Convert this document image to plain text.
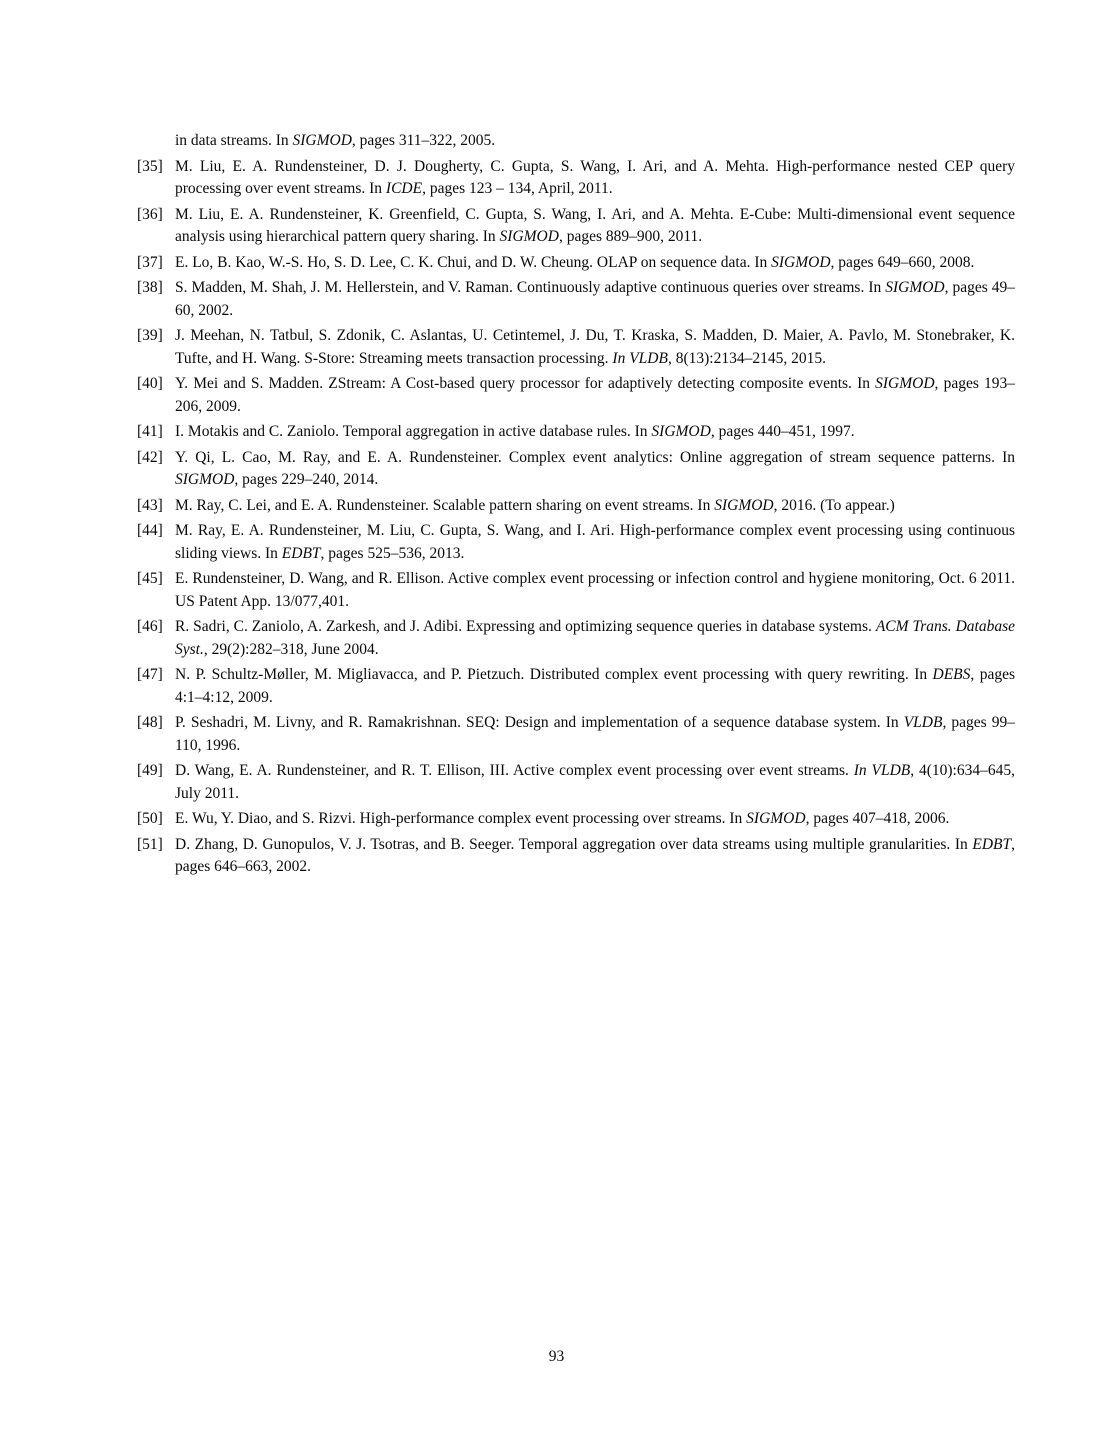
in data streams. In SIGMOD, pages 311–322, 2005.
[35] M. Liu, E. A. Rundensteiner, D. J. Dougherty, C. Gupta, S. Wang, I. Ari, and A. Mehta. High-performance nested CEP query processing over event streams. In ICDE, pages 123 – 134, April, 2011.
[36] M. Liu, E. A. Rundensteiner, K. Greenfield, C. Gupta, S. Wang, I. Ari, and A. Mehta. E-Cube: Multi-dimensional event sequence analysis using hierarchical pattern query sharing. In SIGMOD, pages 889–900, 2011.
[37] E. Lo, B. Kao, W.-S. Ho, S. D. Lee, C. K. Chui, and D. W. Cheung. OLAP on sequence data. In SIGMOD, pages 649–660, 2008.
[38] S. Madden, M. Shah, J. M. Hellerstein, and V. Raman. Continuously adaptive continuous queries over streams. In SIGMOD, pages 49–60, 2002.
[39] J. Meehan, N. Tatbul, S. Zdonik, C. Aslantas, U. Cetintemel, J. Du, T. Kraska, S. Madden, D. Maier, A. Pavlo, M. Stonebraker, K. Tufte, and H. Wang. S-Store: Streaming meets transaction processing. In VLDB, 8(13):2134–2145, 2015.
[40] Y. Mei and S. Madden. ZStream: A Cost-based query processor for adaptively detecting composite events. In SIGMOD, pages 193–206, 2009.
[41] I. Motakis and C. Zaniolo. Temporal aggregation in active database rules. In SIGMOD, pages 440–451, 1997.
[42] Y. Qi, L. Cao, M. Ray, and E. A. Rundensteiner. Complex event analytics: Online aggregation of stream sequence patterns. In SIGMOD, pages 229–240, 2014.
[43] M. Ray, C. Lei, and E. A. Rundensteiner. Scalable pattern sharing on event streams. In SIGMOD, 2016. (To appear.)
[44] M. Ray, E. A. Rundensteiner, M. Liu, C. Gupta, S. Wang, and I. Ari. High-performance complex event processing using continuous sliding views. In EDBT, pages 525–536, 2013.
[45] E. Rundensteiner, D. Wang, and R. Ellison. Active complex event processing or infection control and hygiene monitoring, Oct. 6 2011. US Patent App. 13/077,401.
[46] R. Sadri, C. Zaniolo, A. Zarkesh, and J. Adibi. Expressing and optimizing sequence queries in database systems. ACM Trans. Database Syst., 29(2):282–318, June 2004.
[47] N. P. Schultz-Møller, M. Migliavacca, and P. Pietzuch. Distributed complex event processing with query rewriting. In DEBS, pages 4:1–4:12, 2009.
[48] P. Seshadri, M. Livny, and R. Ramakrishnan. SEQ: Design and implementation of a sequence database system. In VLDB, pages 99–110, 1996.
[49] D. Wang, E. A. Rundensteiner, and R. T. Ellison, III. Active complex event processing over event streams. In VLDB, 4(10):634–645, July 2011.
[50] E. Wu, Y. Diao, and S. Rizvi. High-performance complex event processing over streams. In SIGMOD, pages 407–418, 2006.
[51] D. Zhang, D. Gunopulos, V. J. Tsotras, and B. Seeger. Temporal aggregation over data streams using multiple granularities. In EDBT, pages 646–663, 2002.
93
